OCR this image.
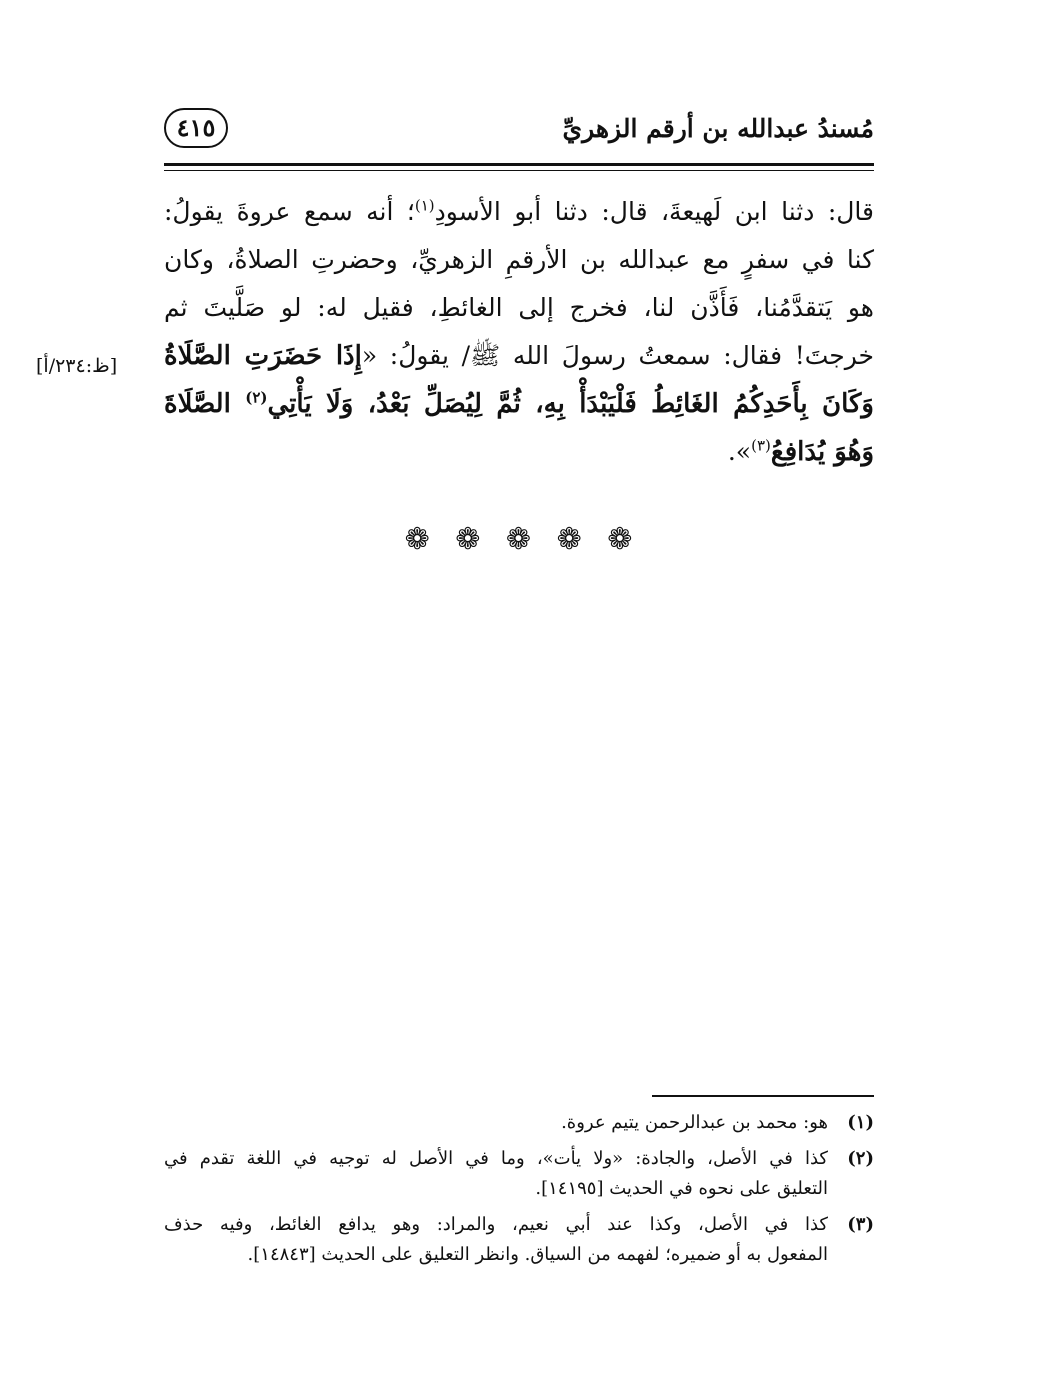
مُسندُ عبدالله بن أرقم الزهريِّ
٤١٥
قال: دثنا ابن لَهيعةَ، قال: دثنا أبو الأسودِ$^{(١)}$؛ أنه سمع عروةَ يقولُ:
كنا في سفرٍ مع عبدالله بن الأرقمِ الزهريِّ، وحضرتِ الصلاةُ، وكان
هو يَتقدَّمُنا، فَأَذَّن لنا، فخرج إلى الغائطِ، فقيل له: لو صَلَّيتَ ثم
خرجتَ! فقال: سمعتُ رسولَ الله ﷺ/ يقولُ: «إِذَا حَضَرَتِ الصَّلَاةُ
وَكَانَ بِأَحَدِكُمُ الغَائِطُ فَلْيَبْدَأْ بِهِ، ثُمَّ لِيُصَلِّ بَعْدُ، وَلَا يَأْتِي$^{(٢)}$ الصَّلَاةَ
وَهُوَ يُدَافِعُ$^{(٣)}$».
[ظ:٢٣٤/أ]
❁ ❁ ❁ ❁ ❁
(١)
هو: محمد بن عبدالرحمن يتيم عروة.
(٢)
كذا في الأصل، والجادة: «ولا يأت»، وما في الأصل له توجيه في اللغة تقدم في
التعليق على نحوه في الحديث [١٤١٩٥].
(٣)
كذا في الأصل، وكذا عند أبي نعيم، والمراد: وهو يدافع الغائط، وفيه حذف
المفعول به أو ضميره؛ لفهمه من السياق. وانظر التعليق على الحديث [١٤٨٤٣].
